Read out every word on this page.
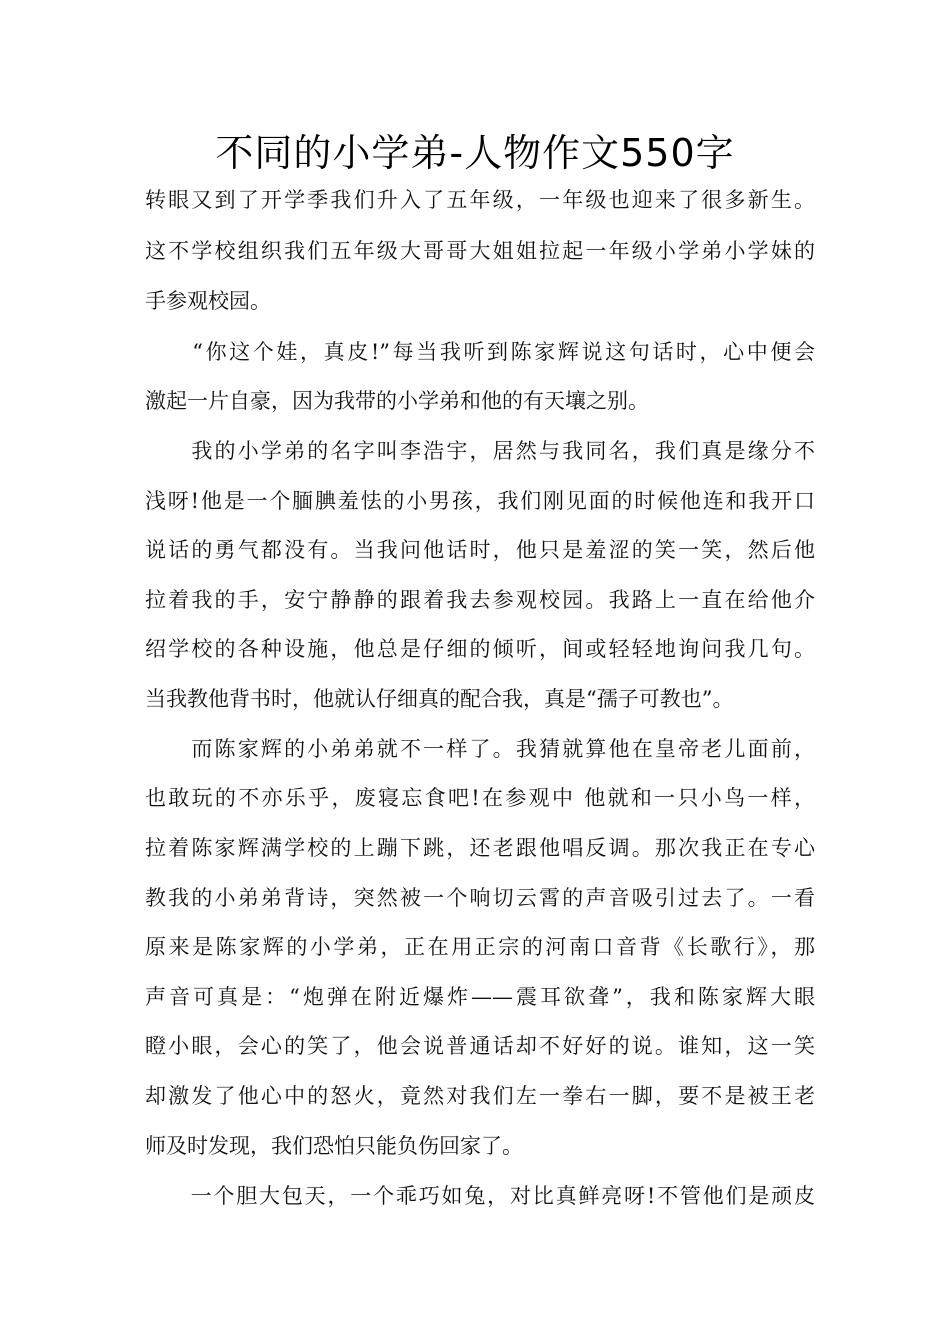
不同的小学弟-人物作文550字
转眼又到了开学季我们升入了五年级，一年级也迎来了很多新生。
这不学校组织我们五年级大哥哥大姐姐拉起一年级小学弟小学妹的
手参观校园。
　　“你这个娃，真皮!”每当我听到陈家辉说这句话时，心中便会
激起一片自豪，因为我带的小学弟和他的有天壤之别。
　　我的小学弟的名字叫李浩宇，居然与我同名，我们真是缘分不
浅呀!他是一个腼腆羞怯的小男孩，我们刚见面的时候他连和我开口
说话的勇气都没有。当我问他话时，他只是羞涩的笑一笑，然后他
拉着我的手，安宁静静的跟着我去参观校园。我路上一直在给他介
绍学校的各种设施，他总是仔细的倾听，间或轻轻地询问我几句。
当我教他背书时，他就认仔细真的配合我，真是“孺子可教也”。
　　而陈家辉的小弟弟就不一样了。我猜就算他在皇帝老儿面前，
也敢玩的不亦乐乎，废寝忘食吧!在参观中 他就和一只小鸟一样，
拉着陈家辉满学校的上蹦下跳，还老跟他唱反调。那次我正在专心
教我的小弟弟背诗，突然被一个响切云霄的声音吸引过去了。一看
原来是陈家辉的小学弟，正在用正宗的河南口音背《长歌行》，那
声音可真是：“炮弹在附近爆炸——震耳欲聋”，我和陈家辉大眼
瞪小眼，会心的笑了，他会说普通话却不好好的说。谁知，这一笑
却激发了他心中的怒火，竟然对我们左一拳右一脚，要不是被王老
师及时发现，我们恐怕只能负伤回家了。
　　一个胆大包天，一个乖巧如兔，对比真鲜亮呀!不管他们是顽皮
